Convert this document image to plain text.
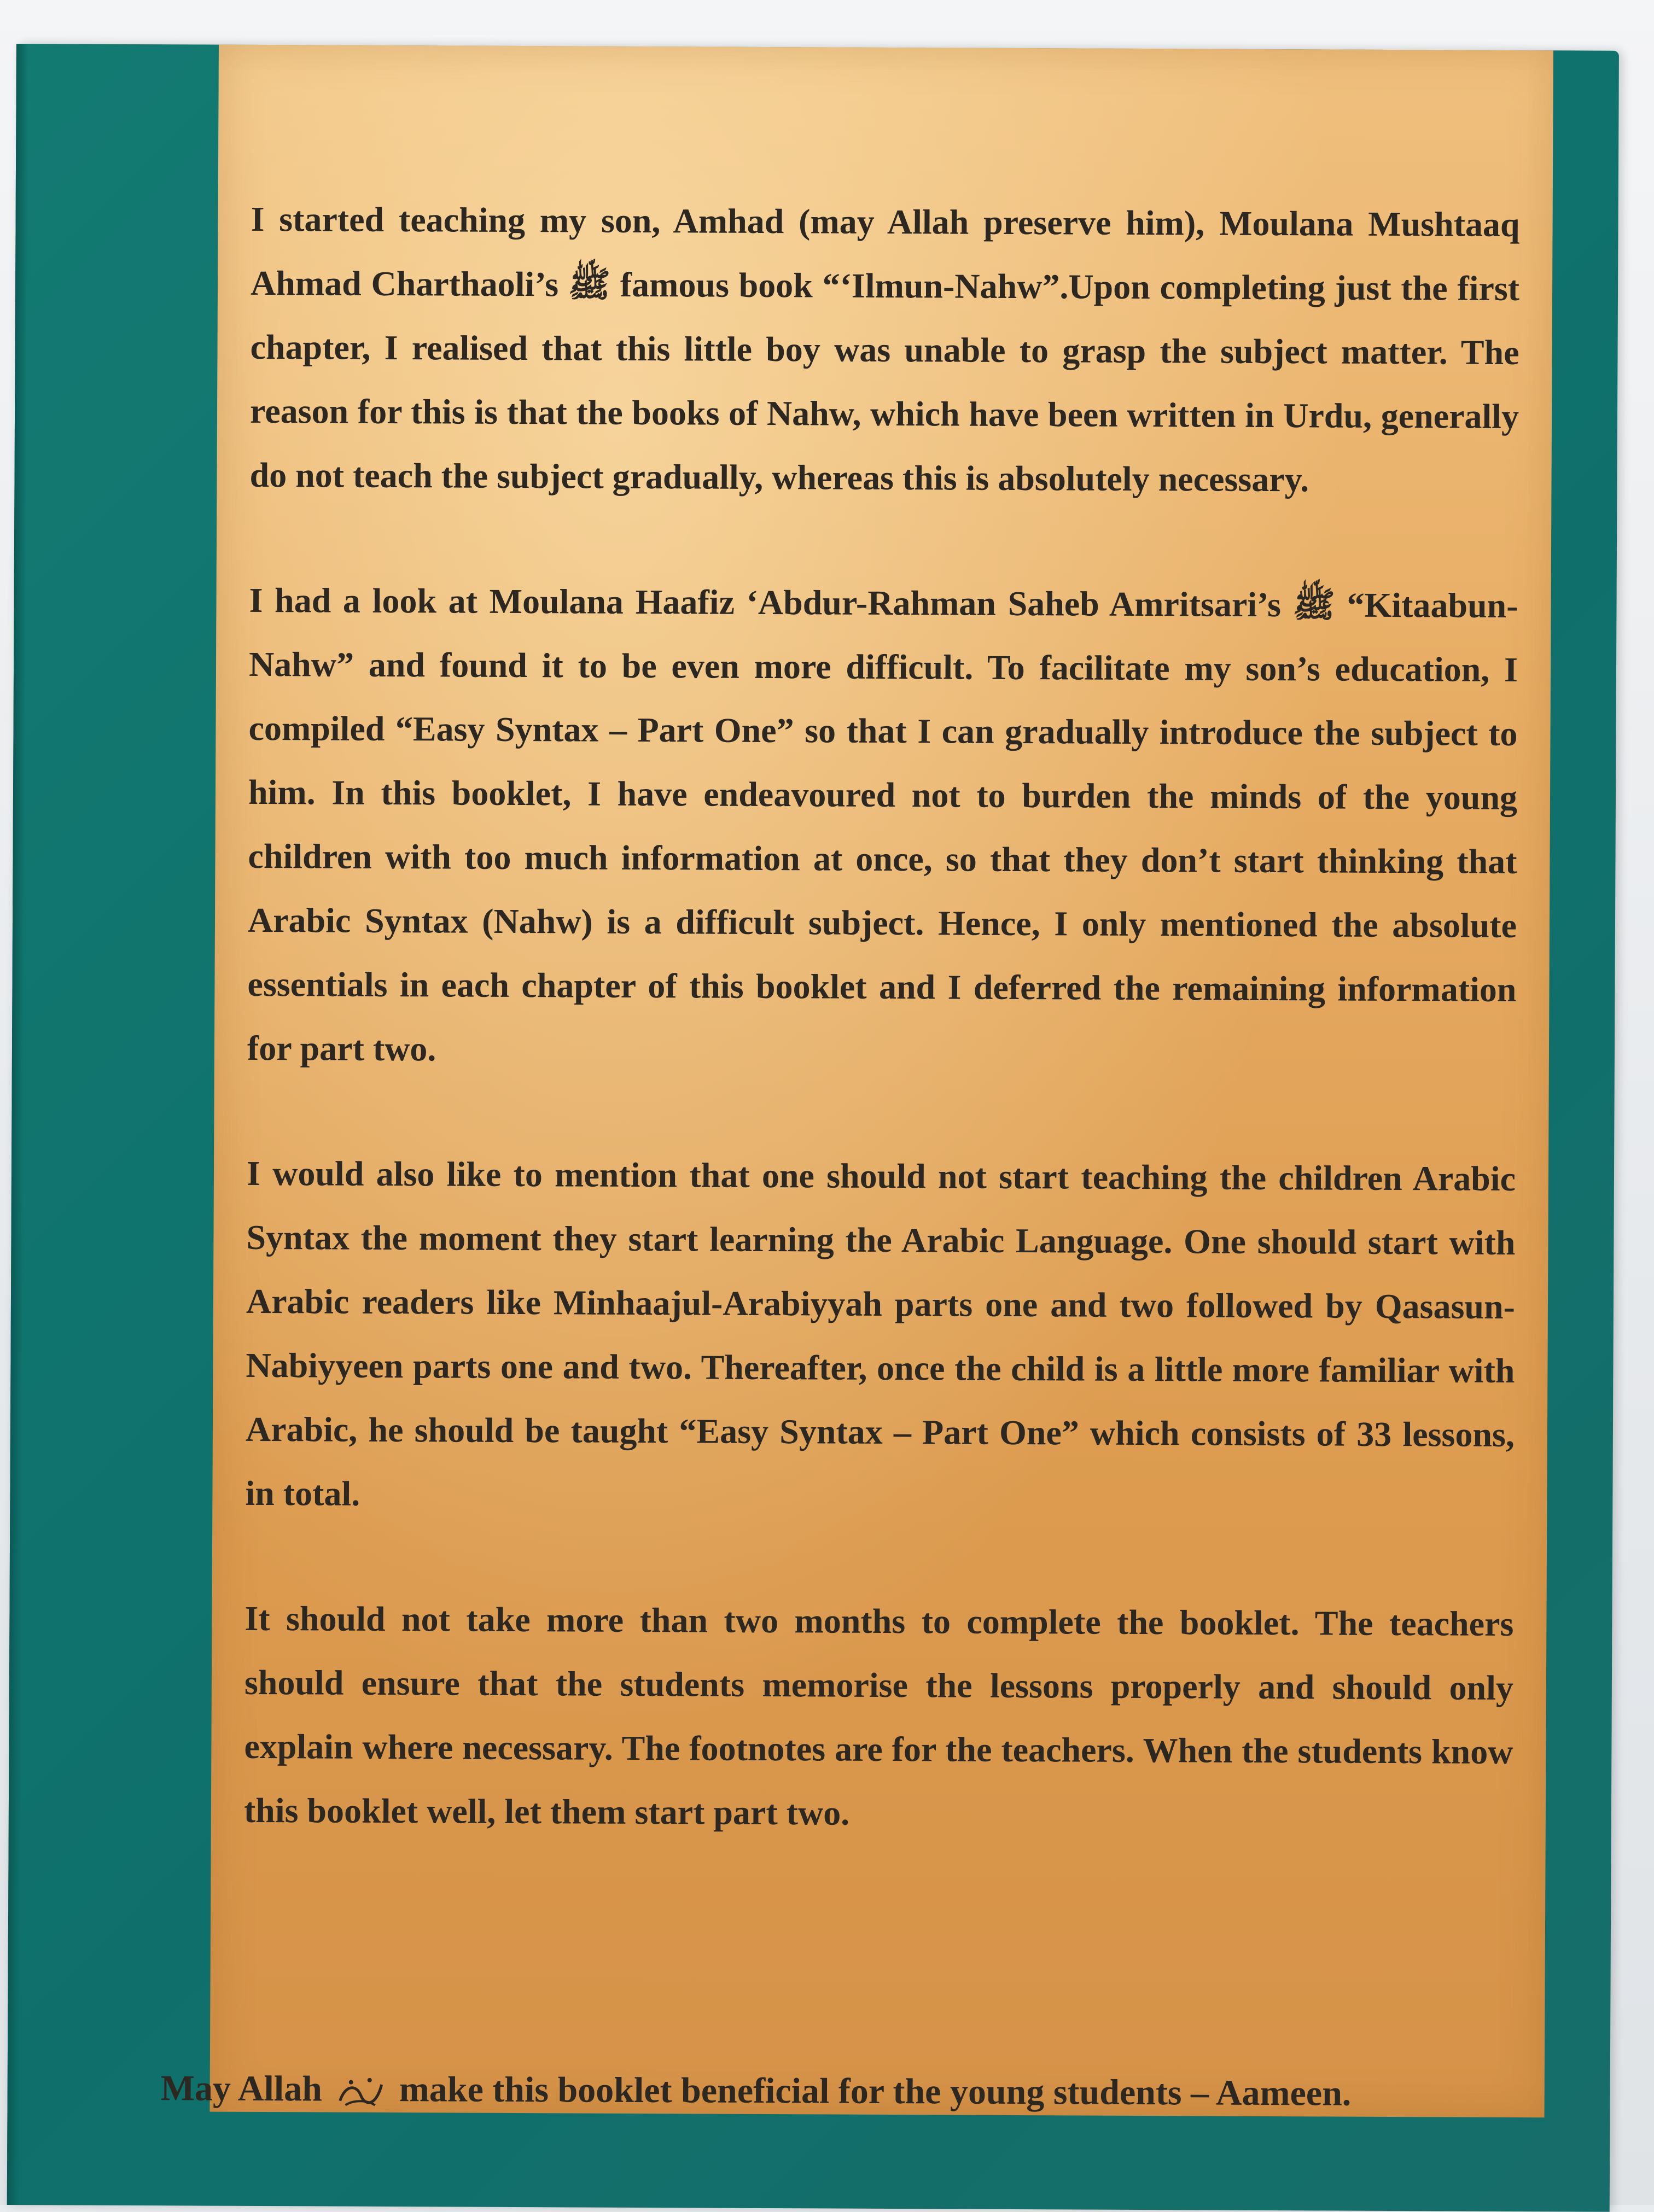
I started teaching my son, Amhad (may Allah preserve him), Moulana Mushtaaq Ahmad Charthaoli’s ﷺ famous book “‘Ilmun-Nahw”.Upon completing just the first chapter, I realised that this little boy was unable to grasp the subject matter. The reason for this is that the books of Nahw, which have been written in Urdu, generally do not teach the subject gradually, whereas this is absolutely necessary.

I had a look at Moulana Haafiz ‘Abdur-Rahman Saheb Amritsari’s ﷺ “Kitaabun-Nahw” and found it to be even more difficult. To facilitate my son’s education, I compiled “Easy Syntax – Part One” so that I can gradually introduce the subject to him. In this booklet, I have endeavoured not to burden the minds of the young children with too much information at once, so that they don’t start thinking that Arabic Syntax (Nahw) is a difficult subject. Hence, I only mentioned the absolute essentials in each chapter of this booklet and I deferred the remaining information for part two.

I would also like to mention that one should not start teaching the children Arabic Syntax the moment they start learning the Arabic Language. One should start with Arabic readers like Minhaajul-Arabiyyah parts one and two followed by Qasasun-Nabiyyeen parts one and two. Thereafter, once the child is a little more familiar with Arabic, he should be taught “Easy Syntax – Part One” which consists of 33 lessons, in total.

It should not take more than two months to complete the booklet. The teachers should ensure that the students memorise the lessons properly and should only explain where necessary. The footnotes are for the teachers. When the students know this booklet well, let them start part two.

May Allah make this booklet beneficial for the young students – Aameen.
